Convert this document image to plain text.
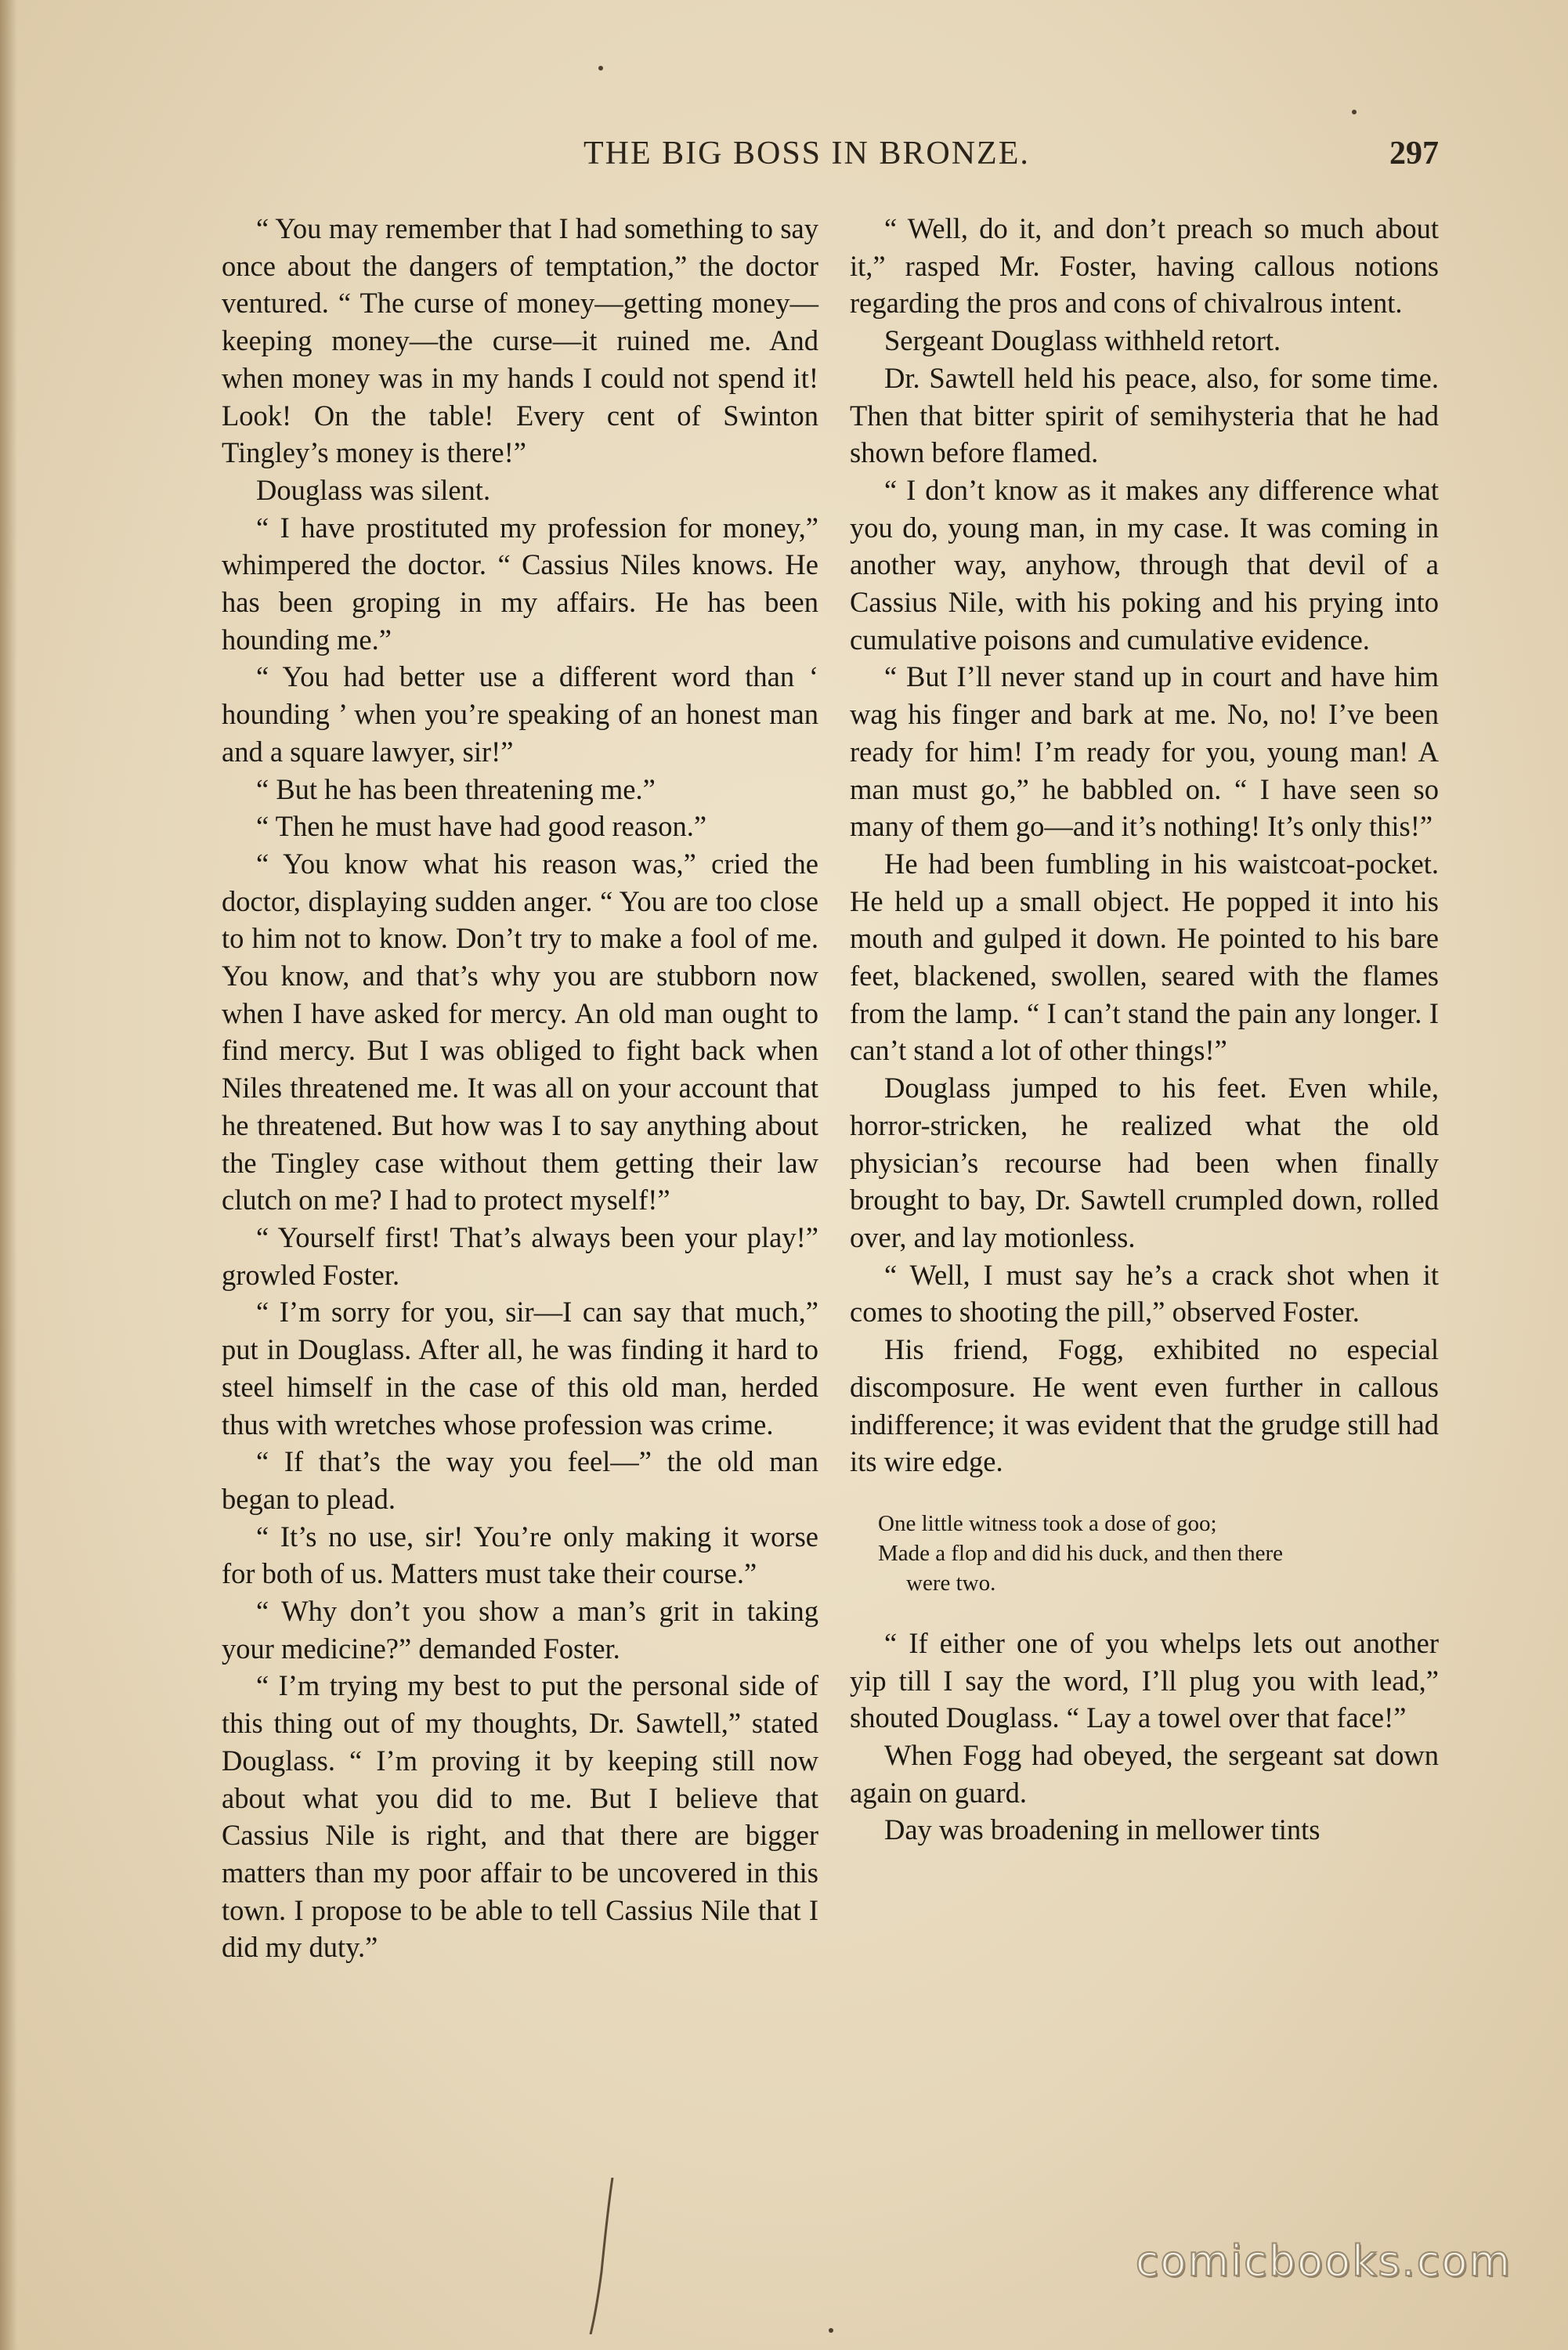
THE BIG BOSS IN BRONZE.	297

“ You may remember that I had something to say once about the dangers of temptation,” the doctor ventured. “ The curse of money—getting money—keeping money—the curse—it ruined me. And when money was in my hands I could not spend it! Look! On the table! Every cent of Swinton Tingley’s money is there!”

Douglass was silent.

“ I have prostituted my profession for money,” whimpered the doctor. “ Cassius Niles knows. He has been groping in my affairs. He has been hounding me.”

“ You had better use a different word than ‘ hounding ’ when you’re speaking of an honest man and a square lawyer, sir!”

“ But he has been threatening me.”

“ Then he must have had good reason.”

“ You know what his reason was,” cried the doctor, displaying sudden anger. “ You are too close to him not to know. Don’t try to make a fool of me. You know, and that’s why you are stubborn now when I have asked for mercy. An old man ought to find mercy. But I was obliged to fight back when Niles threatened me. It was all on your account that he threatened. But how was I to say anything about the Tingley case without them getting their law clutch on me? I had to protect myself!”

“ Yourself first! That’s always been your play!” growled Foster.

“ I’m sorry for you, sir—I can say that much,” put in Douglass. After all, he was finding it hard to steel himself in the case of this old man, herded thus with wretches whose profession was crime.

“ If that’s the way you feel—” the old man began to plead.

“ It’s no use, sir! You’re only making it worse for both of us. Matters must take their course.”

“ Why don’t you show a man’s grit in taking your medicine?” demanded Foster.

“ I’m trying my best to put the personal side of this thing out of my thoughts, Dr. Sawtell,” stated Douglass. “ I’m proving it by keeping still now about what you did to me. But I believe that Cassius Nile is right, and that there are bigger matters than my poor affair to be uncovered in this town. I propose to be able to tell Cassius Nile that I did my duty.”

“ Well, do it, and don’t preach so much about it,” rasped Mr. Foster, having callous notions regarding the pros and cons of chivalrous intent.

Sergeant Douglass withheld retort.

Dr. Sawtell held his peace, also, for some time. Then that bitter spirit of semihysteria that he had shown before flamed.

“ I don’t know as it makes any difference what you do, young man, in my case. It was coming in another way, anyhow, through that devil of a Cassius Nile, with his poking and his prying into cumulative poisons and cumulative evidence.

“ But I’ll never stand up in court and have him wag his finger and bark at me. No, no! I’ve been ready for him! I’m ready for you, young man! A man must go,” he babbled on. “ I have seen so many of them go—and it’s nothing! It’s only this!”

He had been fumbling in his waistcoat-pocket. He held up a small object. He popped it into his mouth and gulped it down. He pointed to his bare feet, blackened, swollen, seared with the flames from the lamp. “ I can’t stand the pain any longer. I can’t stand a lot of other things!”

Douglass jumped to his feet. Even while, horror-stricken, he realized what the old physician’s recourse had been when finally brought to bay, Dr. Sawtell crumpled down, rolled over, and lay motionless.

“ Well, I must say he’s a crack shot when it comes to shooting the pill,” observed Foster.

His friend, Fogg, exhibited no especial discomposure. He went even further in callous indifference; it was evident that the grudge still had its wire edge.

One little witness took a dose of goo;
Made a flop and did his duck, and then there
were two.

“ If either one of you whelps lets out another yip till I say the word, I’ll plug you with lead,” shouted Douglass. “ Lay a towel over that face!”

When Fogg had obeyed, the sergeant sat down again on guard.

Day was broadening in mellower tints

comicbooks.com
